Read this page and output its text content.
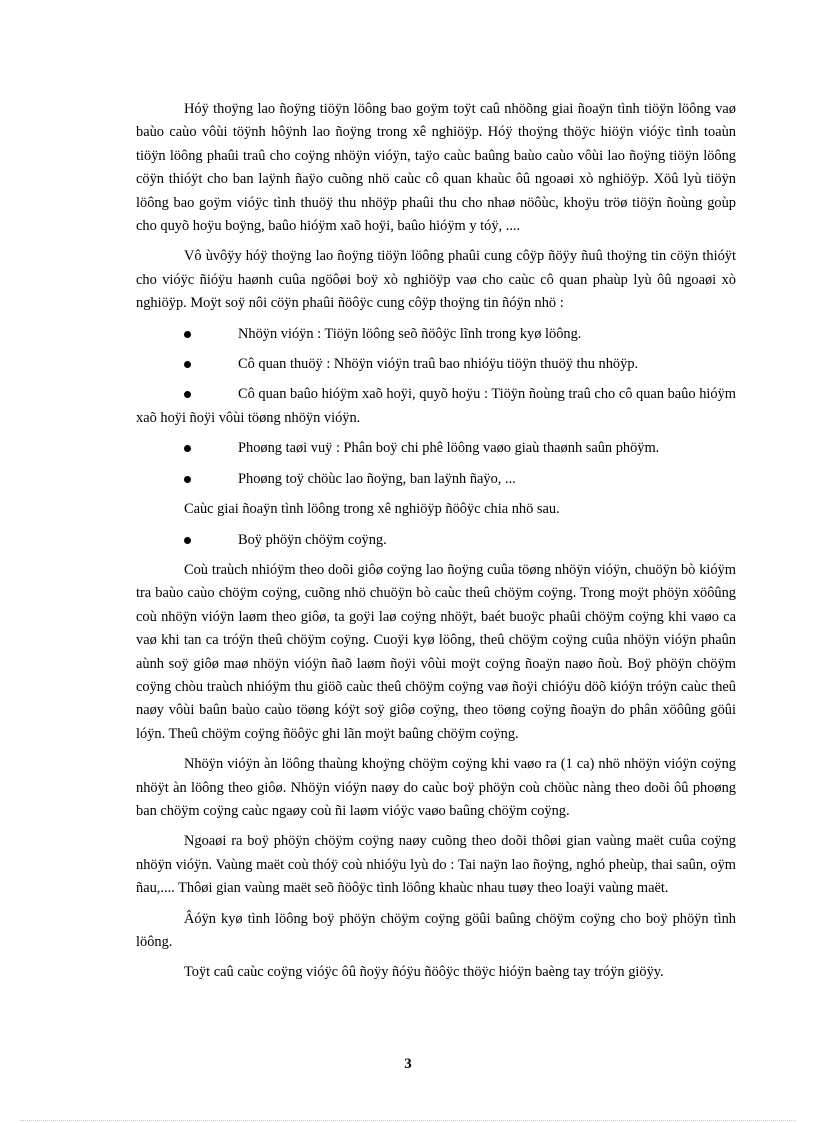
Hóÿ thoÿng lao ñoÿng tiöÿn löông bao goÿm toÿt caû nhöõng giai ñoaÿn tình tiöÿn löông vaø baùo caùo vôùi töÿnh hôÿnh lao ñoÿng trong xê nghiöÿp. Hóÿ thoÿng thöÿc hiöÿn vióÿc tình toaùn tiöÿn löông phaûi traû cho coÿng nhöÿn vióÿn, taÿo caùc baûng baùo caùo vôùi lao ñoÿng tiöÿn löông cöÿn thióÿt cho ban laÿnh ñaÿo cuõng nhö caùc cô quan khaùc ôû ngoaøi xò nghiöÿp. Xöû lyù tiöÿn löông bao goÿm vióÿc tình thuöÿ thu nhöÿp phaûi thu cho nhaø nöôùc, khoÿu tröø tiöÿn ñoùng goùp cho quyõ hoÿu boÿng, baûo hióÿm xaõ hoÿi, baûo hióÿm y tóÿ, ....

Vô ùvôÿy hóÿ thoÿng lao ñoÿng tiöÿn löông phaûi cung côÿp ñöÿy ñuû thoÿng tin cöÿn thióÿt cho vióÿc ñióÿu haønh cuûa ngöôøi boÿ xò nghiöÿp vaø cho caùc cô quan phaùp lyù ôû ngoaøi xò nghiöÿp. Moÿt soÿ nôi cöÿn phaûi ñöôÿc cung côÿp thoÿng tin ñóÿn nhö :

Nhöÿn vióÿn : Tiöÿn löông seõ ñöôÿc lĩnh trong kyø löông.
Cô quan thuöÿ : Nhöÿn vióÿn traû bao nhióÿu tiöÿn thuöÿ thu nhöÿp.
Cô quan baûo hióÿm xaõ hoÿi, quyõ hoÿu : Tiöÿn ñoùng traû cho cô quan baûo hióÿm xaõ hoÿi ñoÿi vôùi töøng nhöÿn vióÿn.
Phoøng taøi vuÿ : Phân boÿ chi phê löông vaøo giaù thaønh saûn phöÿm.
Phoøng toÿ chöùc lao ñoÿng, ban laÿnh ñaÿo, ...

Caùc giai ñoaÿn tình löông trong xê nghiöÿp ñöôÿc chia nhö sau.

Boÿ phöÿn chöÿm coÿng.

Coù traùch nhióÿm theo doõi giôø coÿng lao ñoÿng cuûa töøng nhöÿn vióÿn, chuöÿn bò kióÿm tra baùo caùo chöÿm coÿng, cuõng nhö chuöÿn bò caùc theû chöÿm coÿng. Trong moÿt phöÿn xöôûng coù nhöÿn vióÿn laøm theo giôø, ta goÿi laø coÿng nhöÿt, baét buoÿc phaûi chöÿm coÿng khi vaøo ca vaø khi tan ca tróÿn theû chöÿm coÿng. Cuoÿi kyø löông, theû chöÿm coÿng cuûa nhöÿn vióÿn phaûn aùnh soÿ giôø maø nhöÿn vióÿn ñaõ laøm ñoÿi vôùi moÿt coÿng ñoaÿn naøo ñoù. Boÿ phöÿn chöÿm coÿng chòu traùch nhióÿm thu giöõ caùc theû chöÿm coÿng vaø ñoÿi chióÿu döõ kióÿn tróÿn caùc theû naøy vôùi baûn baùo caùo töøng kóÿt soÿ giôø coÿng, theo töøng coÿng ñoaÿn do phân xöôûng göûi lóÿn. Theû chöÿm coÿng ñöôÿc ghi lãn moÿt baûng chöÿm coÿng.

Nhöÿn vióÿn àn löông thaùng khoÿng chöÿm coÿng khi vaøo ra (1 ca) nhö nhöÿn vióÿn coÿng nhöÿt àn löông theo giôø. Nhöÿn vióÿn naøy do caùc boÿ phöÿn coù chöùc nàng theo doõi ôû phoøng ban chöÿm coÿng caùc ngaøy coù ñi laøm vióÿc vaøo baûng chöÿm coÿng.

Ngoaøi ra boÿ phöÿn chöÿm coÿng naøy cuõng theo doõi thôøi gian vaùng maët cuûa coÿng nhöÿn vióÿn. Vaùng maët coù thóÿ coù nhióÿu lyù do : Tai naÿn lao ñoÿng, nghó pheùp, thai saûn, oÿm ñau,.... Thôøi gian vaùng maët seõ ñöôÿc tình löông khaùc nhau tuøy theo loaÿi vaùng maët.

Âóÿn kyø tình löông boÿ phöÿn chöÿm coÿng göûi baûng chöÿm coÿng cho boÿ phöÿn tình löông.

Toÿt caû caùc coÿng vióÿc ôû ñoÿy ñóÿu ñöôÿc thöÿc hióÿn baèng tay tróÿn giöÿy.

3
